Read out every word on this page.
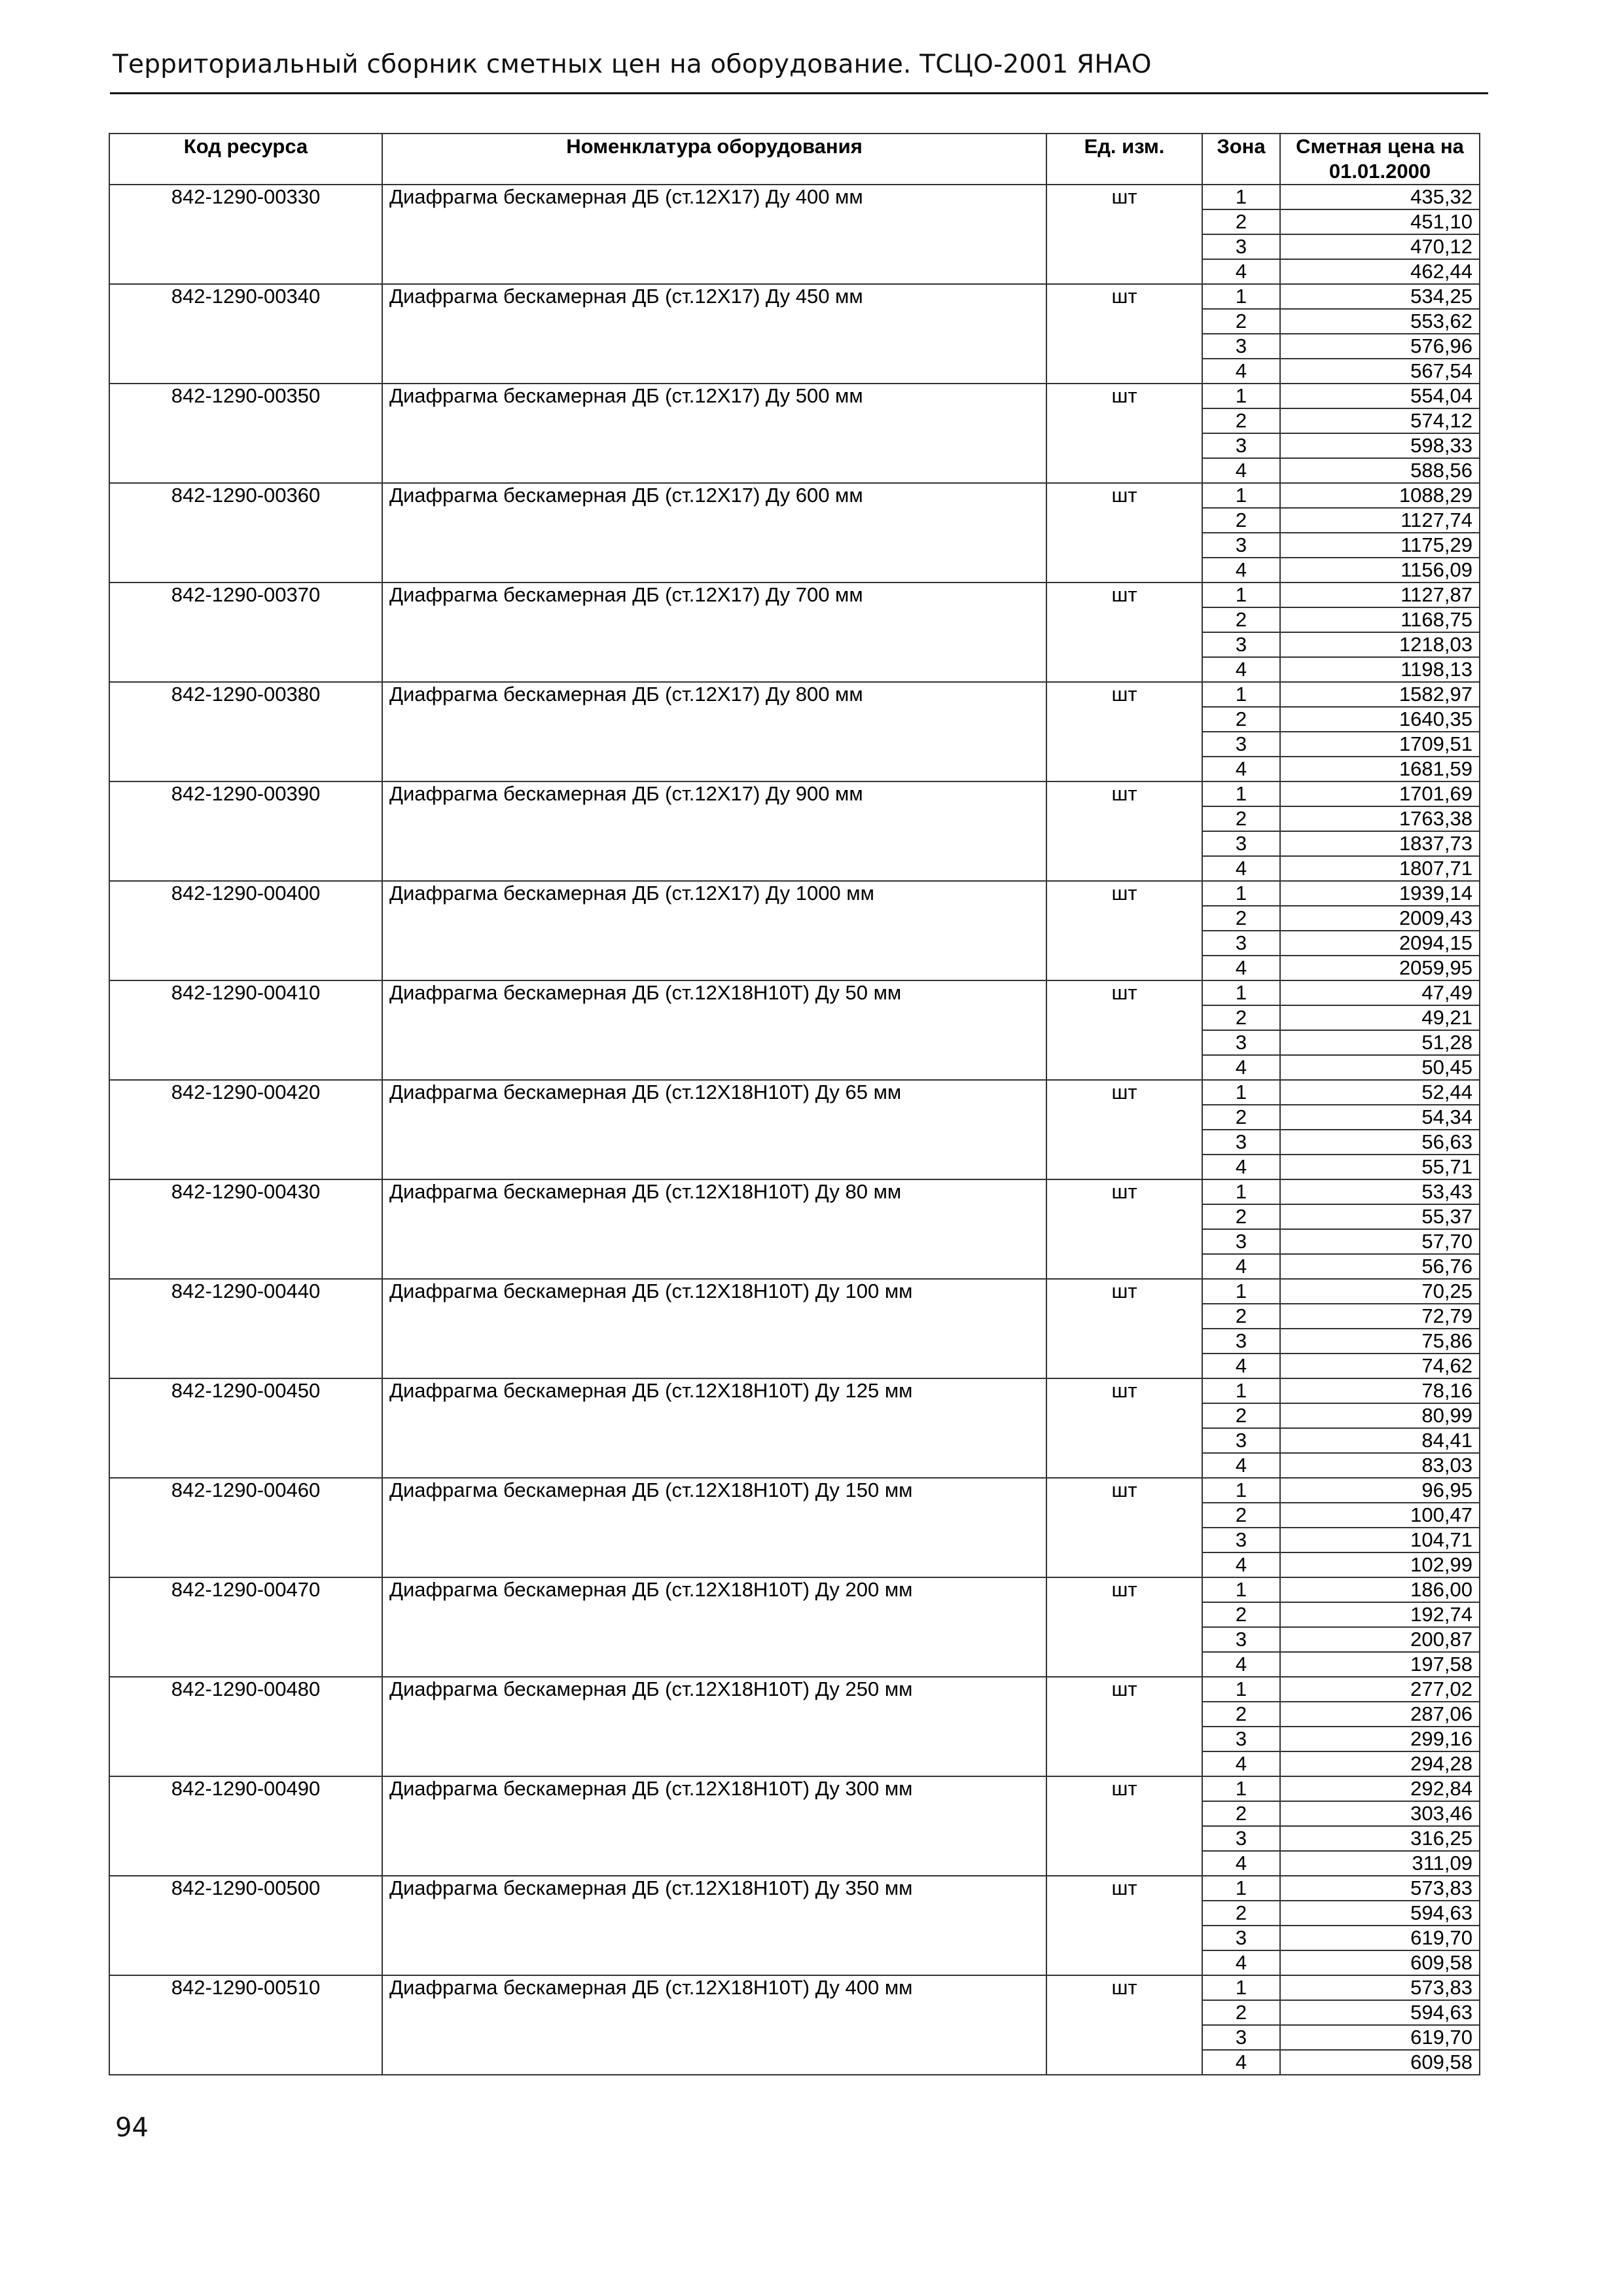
Территориальный сборник сметных цен на оборудование. ТСЦО-2001 ЯНАО
Код ресурса	Номенклатура оборудования	Ед. изм.	Зона	Сметная цена на 01.01.2000
842-1290-00330	Диафрагма бескамерная ДБ (ст.12Х17) Ду 400 мм	шт	1	435,32
			2	451,10
			3	470,12
			4	462,44
842-1290-00340	Диафрагма бескамерная ДБ (ст.12Х17) Ду 450 мм	шт	1	534,25
			2	553,62
			3	576,96
			4	567,54
842-1290-00350	Диафрагма бескамерная ДБ (ст.12Х17) Ду 500 мм	шт	1	554,04
			2	574,12
			3	598,33
			4	588,56
842-1290-00360	Диафрагма бескамерная ДБ (ст.12Х17) Ду 600 мм	шт	1	1088,29
			2	1127,74
			3	1175,29
			4	1156,09
842-1290-00370	Диафрагма бескамерная ДБ (ст.12Х17) Ду 700 мм	шт	1	1127,87
			2	1168,75
			3	1218,03
			4	1198,13
842-1290-00380	Диафрагма бескамерная ДБ (ст.12Х17) Ду 800 мм	шт	1	1582,97
			2	1640,35
			3	1709,51
			4	1681,59
842-1290-00390	Диафрагма бескамерная ДБ (ст.12Х17) Ду 900 мм	шт	1	1701,69
			2	1763,38
			3	1837,73
			4	1807,71
842-1290-00400	Диафрагма бескамерная ДБ (ст.12Х17) Ду 1000 мм	шт	1	1939,14
			2	2009,43
			3	2094,15
			4	2059,95
842-1290-00410	Диафрагма бескамерная ДБ (ст.12Х18Н10Т) Ду 50 мм	шт	1	47,49
			2	49,21
			3	51,28
			4	50,45
842-1290-00420	Диафрагма бескамерная ДБ (ст.12Х18Н10Т) Ду 65 мм	шт	1	52,44
			2	54,34
			3	56,63
			4	55,71
842-1290-00430	Диафрагма бескамерная ДБ (ст.12Х18Н10Т) Ду 80 мм	шт	1	53,43
			2	55,37
			3	57,70
			4	56,76
842-1290-00440	Диафрагма бескамерная ДБ (ст.12Х18Н10Т) Ду 100 мм	шт	1	70,25
			2	72,79
			3	75,86
			4	74,62
842-1290-00450	Диафрагма бескамерная ДБ (ст.12Х18Н10Т) Ду 125 мм	шт	1	78,16
			2	80,99
			3	84,41
			4	83,03
842-1290-00460	Диафрагма бескамерная ДБ (ст.12Х18Н10Т) Ду 150 мм	шт	1	96,95
			2	100,47
			3	104,71
			4	102,99
842-1290-00470	Диафрагма бескамерная ДБ (ст.12Х18Н10Т) Ду 200 мм	шт	1	186,00
			2	192,74
			3	200,87
			4	197,58
842-1290-00480	Диафрагма бескамерная ДБ (ст.12Х18Н10Т) Ду 250 мм	шт	1	277,02
			2	287,06
			3	299,16
			4	294,28
842-1290-00490	Диафрагма бескамерная ДБ (ст.12Х18Н10Т) Ду 300 мм	шт	1	292,84
			2	303,46
			3	316,25
			4	311,09
842-1290-00500	Диафрагма бескамерная ДБ (ст.12Х18Н10Т) Ду 350 мм	шт	1	573,83
			2	594,63
			3	619,70
			4	609,58
842-1290-00510	Диафрагма бескамерная ДБ (ст.12Х18Н10Т) Ду 400 мм	шт	1	573,83
			2	594,63
			3	619,70
			4	609,58
94
